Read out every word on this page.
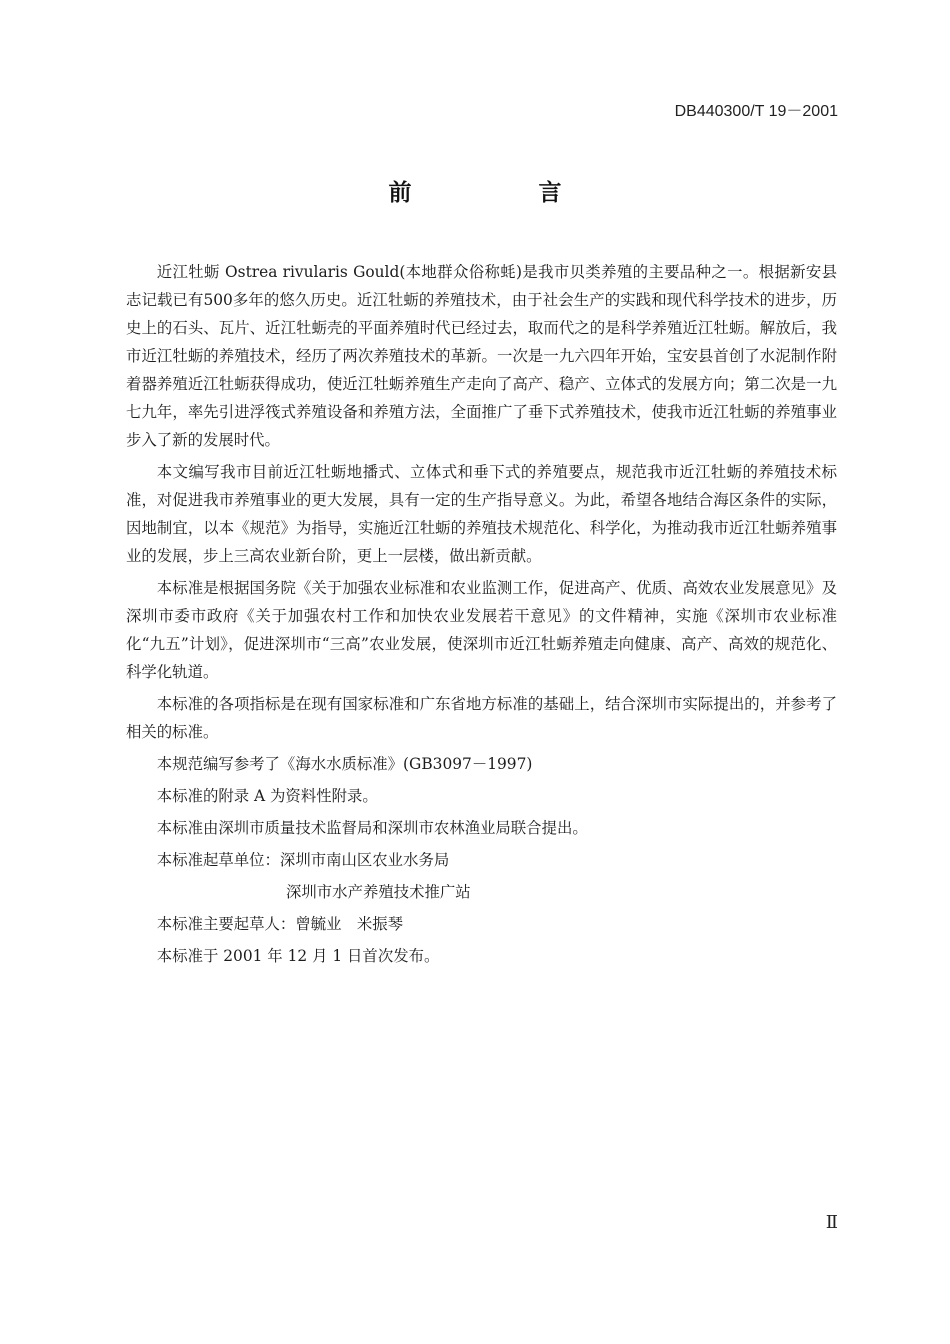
DB440300/T 19－2001
前　言

近江牡蛎 Ostrea rivularis Gould(本地群众俗称蚝)是我市贝类养殖的主要品种之一。根据新安县志记载已有500多年的悠久历史。近江牡蛎的养殖技术，由于社会生产的实践和现代科学技术的进步，历史上的石头、瓦片、近江牡蛎壳的平面养殖时代已经过去，取而代之的是科学养殖近江牡蛎。解放后，我市近江牡蛎的养殖技术，经历了两次养殖技术的革新。一次是一九六四年开始，宝安县首创了水泥制作附着器养殖近江牡蛎获得成功，使近江牡蛎养殖生产走向了高产、稳产、立体式的发展方向；第二次是一九七九年，率先引进浮筏式养殖设备和养殖方法，全面推广了垂下式养殖技术，使我市近江牡蛎的养殖事业步入了新的发展时代。

本文编写我市目前近江牡蛎地播式、立体式和垂下式的养殖要点，规范我市近江牡蛎的养殖技术标准，对促进我市养殖事业的更大发展，具有一定的生产指导意义。为此，希望各地结合海区条件的实际，因地制宜，以本《规范》为指导，实施近江牡蛎的养殖技术规范化、科学化，为推动我市近江牡蛎养殖事业的发展，步上三高农业新台阶，更上一层楼，做出新贡献。

本标准是根据国务院《关于加强农业标准和农业监测工作，促进高产、优质、高效农业发展意见》及深圳市委市政府《关于加强农村工作和加快农业发展若干意见》的文件精神，实施《深圳市农业标准化“九五”计划》，促进深圳市“三高”农业发展，使深圳市近江牡蛎养殖走向健康、高产、高效的规范化、科学化轨道。

本标准的各项指标是在现有国家标准和广东省地方标准的基础上，结合深圳市实际提出的，并参考了相关的标准。

本规范编写参考了《海水水质标准》(GB3097－1997)

本标准的附录 A 为资料性附录。

本标准由深圳市质量技术监督局和深圳市农林渔业局联合提出。

本标准起草单位：深圳市南山区农业水务局

深圳市水产养殖技术推广站

本标准主要起草人：曾毓业　米振琴

本标准于 2001 年 12 月 1 日首次发布。

Ⅱ
